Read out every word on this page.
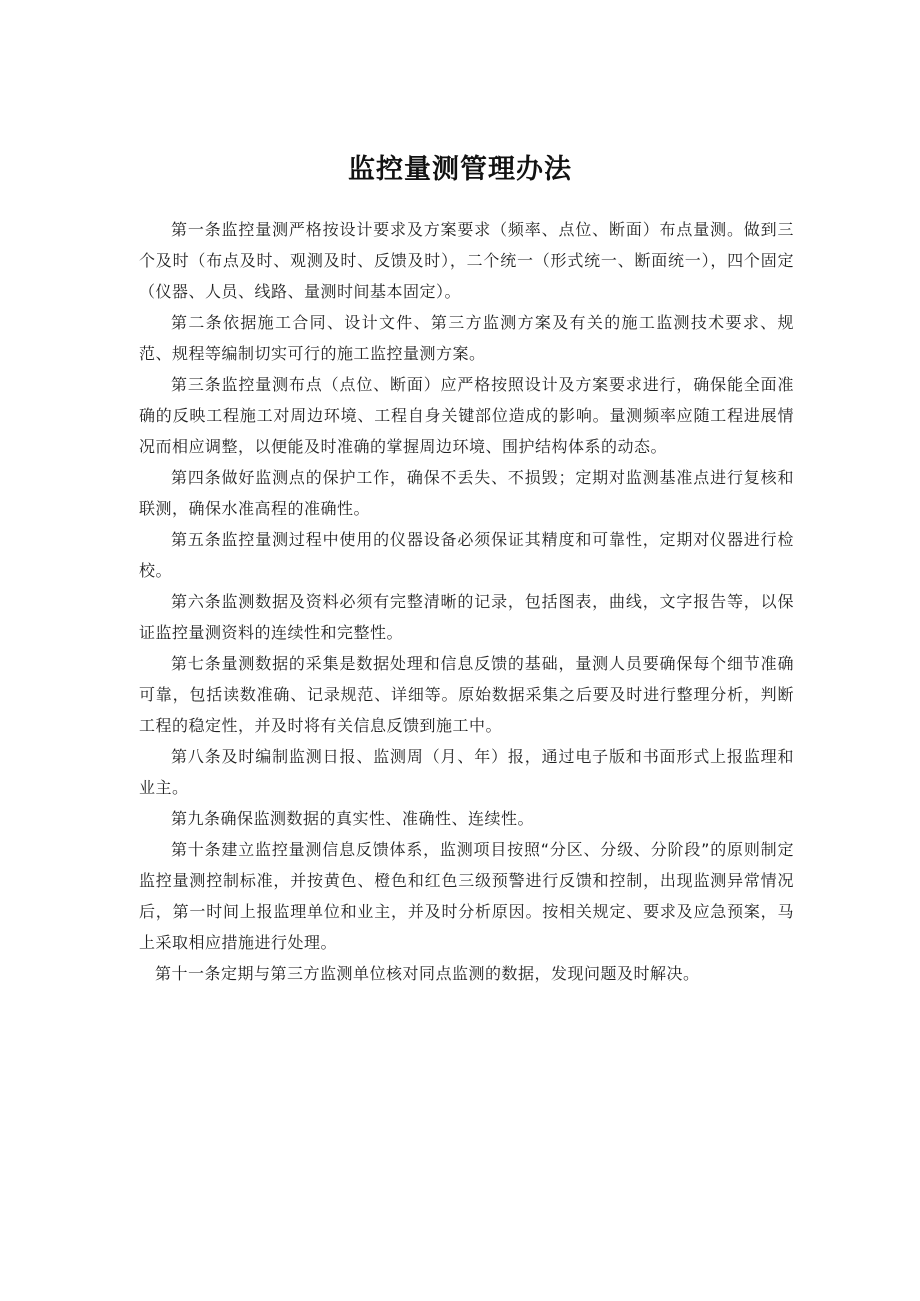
监控量测管理办法

第一条监控量测严格按设计要求及方案要求（频率、点位、断面）布点量测。做到三个及时（布点及时、观测及时、反馈及时），二个统一（形式统一、断面统一），四个固定（仪器、人员、线路、量测时间基本固定）。

第二条依据施工合同、设计文件、第三方监测方案及有关的施工监测技术要求、规范、规程等编制切实可行的施工监控量测方案。

第三条监控量测布点（点位、断面）应严格按照设计及方案要求进行，确保能全面准确的反映工程施工对周边环境、工程自身关键部位造成的影响。量测频率应随工程进展情况而相应调整，以便能及时准确的掌握周边环境、围护结构体系的动态。

第四条做好监测点的保护工作，确保不丢失、不损毁；定期对监测基准点进行复核和联测，确保水准高程的准确性。

第五条监控量测过程中使用的仪器设备必须保证其精度和可靠性，定期对仪器进行检校。

第六条监测数据及资料必须有完整清晰的记录，包括图表，曲线，文字报告等，以保证监控量测资料的连续性和完整性。

第七条量测数据的采集是数据处理和信息反馈的基础，量测人员要确保每个细节准确可靠，包括读数准确、记录规范、详细等。原始数据采集之后要及时进行整理分析，判断工程的稳定性，并及时将有关信息反馈到施工中。

第八条及时编制监测日报、监测周（月、年）报，通过电子版和书面形式上报监理和业主。

第九条确保监测数据的真实性、准确性、连续性。

第十条建立监控量测信息反馈体系，监测项目按照“分区、分级、分阶段”的原则制定监控量测控制标准，并按黄色、橙色和红色三级预警进行反馈和控制，出现监测异常情况后，第一时间上报监理单位和业主，并及时分析原因。按相关规定、要求及应急预案，马上采取相应措施进行处理。

第十一条定期与第三方监测单位核对同点监测的数据，发现问题及时解决。
